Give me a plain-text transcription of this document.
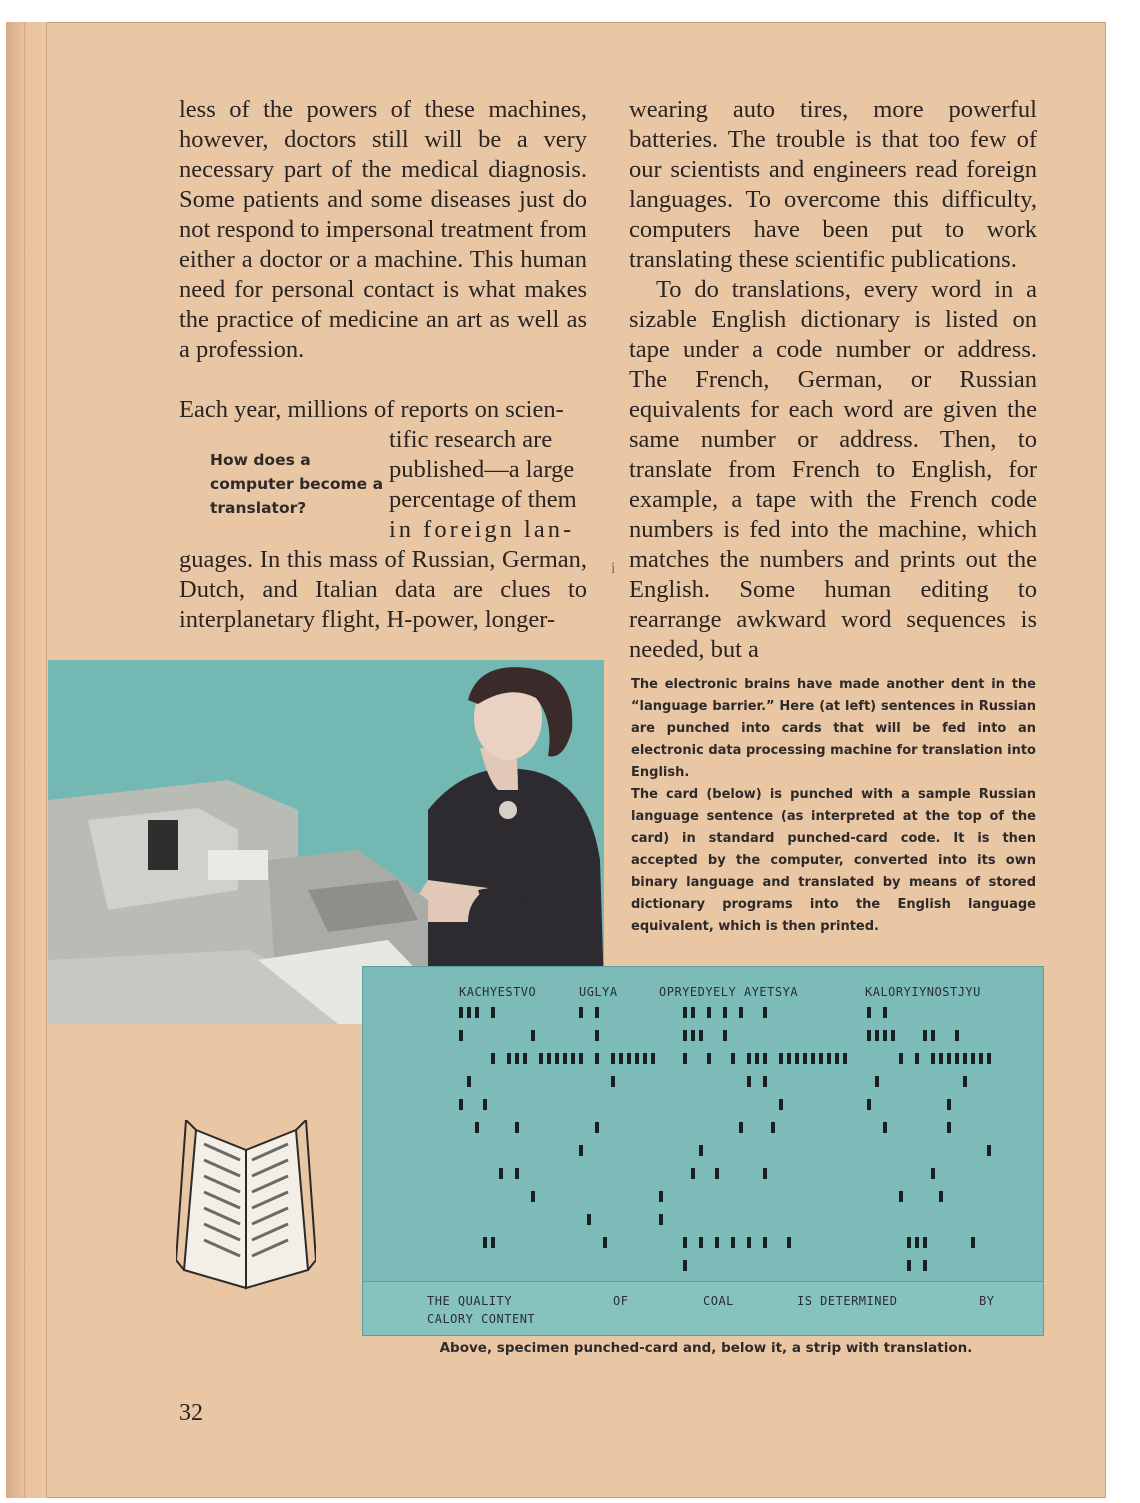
less of the powers of these machines, however, doctors still will be a very necessary part of the medical diagnosis. Some patients and some diseases just do not respond to impersonal treatment from either a doctor or a machine. This human need for personal contact is what makes the practice of medicine an art as well as a profession.

Each year, millions of reports on scien-

tific research are

published—a large

percentage of them

in foreign lan-

guages. In this mass of Russian, German, Dutch, and Italian data are clues to interplanetary flight, H-power, longer-

How does a computer become a translator?

wearing auto tires, more powerful batteries. The trouble is that too few of our scientists and engineers read foreign languages. To overcome this difficulty, computers have been put to work translating these scientific publications.

To do translations, every word in a sizable English dictionary is listed on tape under a code number or address. The French, German, or Russian equivalents for each word are given the same number or address. Then, to translate from French to English, for example, a tape with the French code numbers is fed into the machine, which matches the numbers and prints out the English. Some human editing to rearrange awkward word sequences is needed, but a

i

The electronic brains have made another dent in the “language barrier.” Here (at left) sentences in Russian are punched into cards that will be fed into an electronic data processing machine for translation into English.

The card (below) is punched with a sample Russian language sentence (as interpreted at the top of the card) in standard punched-card code. It is then accepted by the computer, converted into its own binary language and translated by means of stored dictionary programs into the English language equivalent, which is then printed.

KACHYESTVO	UGLYA	OPRYEDYELY AYETSYA	KALORYIYNOSTJYU
THE QUALITY	OF	COAL	IS DETERMINED	BY
CALORY CONTENT
Above, specimen punched-card and, below it, a strip with translation.
32
